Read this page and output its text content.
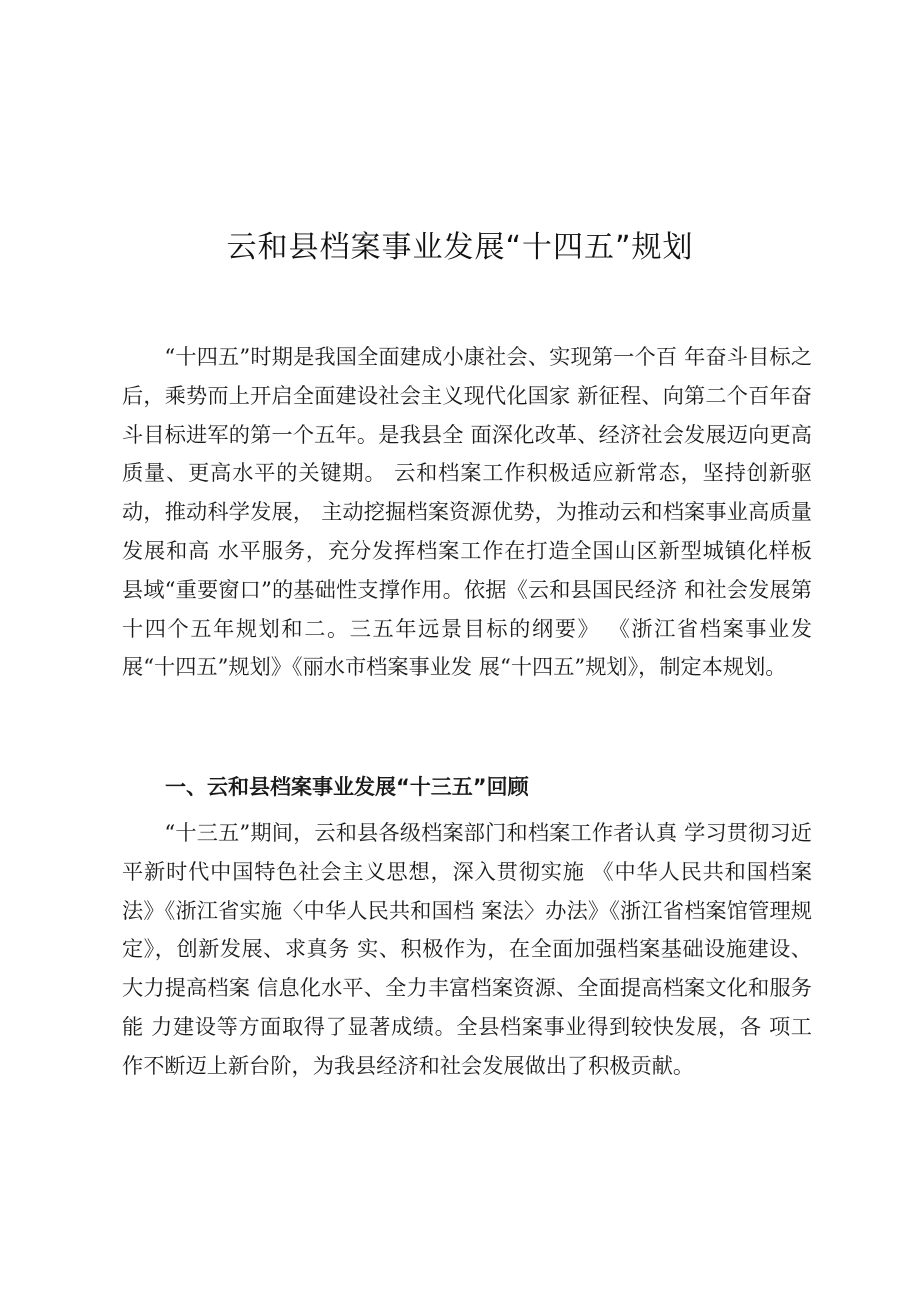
云和县档案事业发展“十四五”规划

“十四五”时期是我国全面建成小康社会、实现第一个百 年奋斗目标之后，乘势而上开启全面建设社会主义现代化国家 新征程、向第二个百年奋斗目标进军的第一个五年。是我县全 面深化改革、经济社会发展迈向更高质量、更高水平的关键期。 云和档案工作积极适应新常态，坚持创新驱动，推动科学发展， 主动挖掘档案资源优势，为推动云和档案事业高质量发展和高 水平服务，充分发挥档案工作在打造全国山区新型城镇化样板 县域“重要窗口”的基础性支撑作用。依据《云和县国民经济 和社会发展第十四个五年规划和二。三五年远景目标的纲要》 《浙江省档案事业发展“十四五”规划》《丽水市档案事业发 展“十四五”规划》，制定本规划。

一、云和县档案事业发展“十三五”回顾

“十三五”期间，云和县各级档案部门和档案工作者认真 学习贯彻习近平新时代中国特色社会主义思想，深入贯彻实施 《中华人民共和国档案法》《浙江省实施〈中华人民共和国档 案法〉办法》《浙江省档案馆管理规定》，创新发展、求真务 实、积极作为，在全面加强档案基础设施建设、大力提高档案 信息化水平、全力丰富档案资源、全面提高档案文化和服务能 力建设等方面取得了显著成绩。全县档案事业得到较快发展，各 项工作不断迈上新台阶，为我县经济和社会发展做出了积极贡献。
